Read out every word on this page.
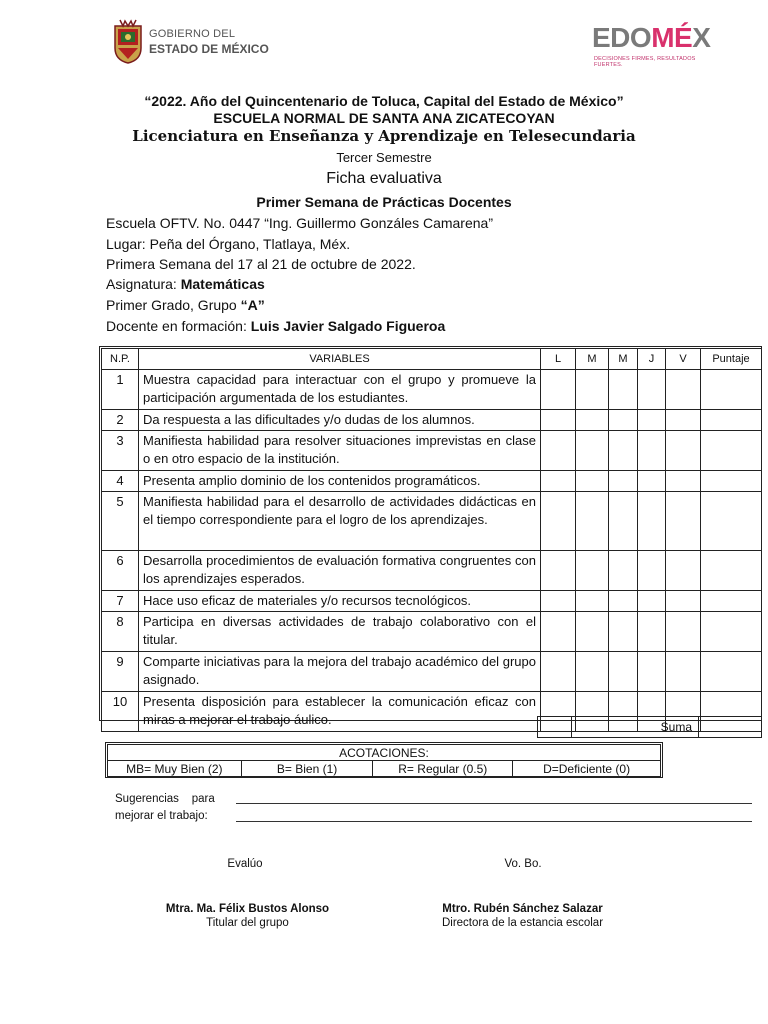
GOBIERNO DEL
ESTADO DE MÉXICO	EDOMÉX
DECISIONES FIRMES, RESULTADOS FUERTES.
“2022. Año del Quincentenario de Toluca, Capital del Estado de México”
ESCUELA NORMAL DE SANTA ANA ZICATECOYAN
Licenciatura en Enseñanza y Aprendizaje en Telesecundaria
Tercer Semestre
Ficha evaluativa
Primer Semana de Prácticas Docentes
Escuela OFTV. No. 0447 “Ing. Guillermo Gonzáles Camarena”
Lugar: Peña del Órgano, Tlatlaya, Méx.
Primera Semana del 17 al 21 de octubre de 2022.
Asignatura: Matemáticas
Primer Grado, Grupo “A”
Docente en formación: Luis Javier Salgado Figueroa
N.P.	VARIABLES	L	M	M	J	V	Puntaje
1	Muestra capacidad para interactuar con el grupo y promueve la participación argumentada de los estudiantes.						
2	Da respuesta a las dificultades y/o dudas de los alumnos.						
3	Manifiesta habilidad para resolver situaciones imprevistas en clase o en otro espacio de la institución.						
4	Presenta amplio dominio de los contenidos programáticos.						
5	Manifiesta habilidad para el desarrollo de actividades didácticas en el tiempo correspondiente para el logro de los aprendizajes.						
6	Desarrolla procedimientos de evaluación formativa congruentes con los aprendizajes esperados.						
7	Hace uso eficaz de materiales y/o recursos tecnológicos.						
8	Participa en diversas actividades de trabajo colaborativo con el titular.						
9	Comparte iniciativas para la mejora del trabajo académico del grupo asignado.						
10	Presenta disposición para establecer la comunicación eficaz con miras a mejorar el trabajo áulico.						
		Suma	
ACOTACIONES:
MB= Muy Bien (2)	B= Bien (1)	R= Regular (0.5)	D=Deficiente (0)
Sugerencias    para
mejorar el trabajo:
Evalúo	Vo. Bo.
Mtra. Ma. Félix Bustos Alonso
Titular del grupo
Mtro. Rubén Sánchez Salazar
Directora de la estancia escolar
